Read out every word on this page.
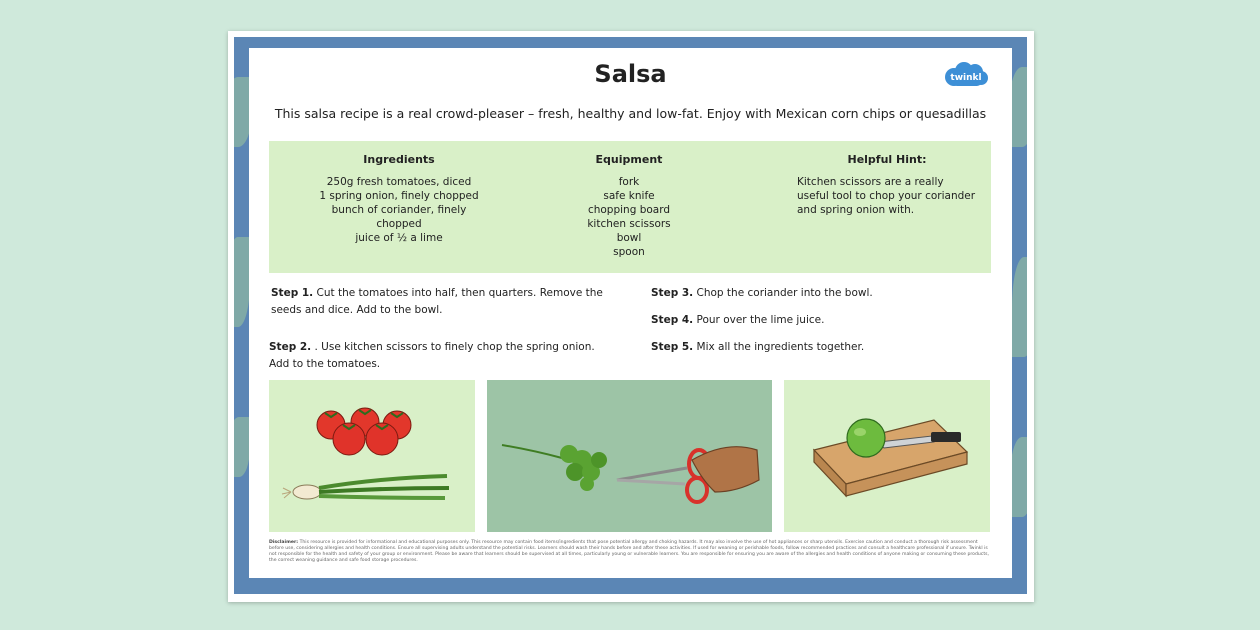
Salsa	twinkl
This salsa recipe is a real crowd-pleaser – fresh, healthy and low-fat. Enjoy with Mexican corn chips or quesadillas
Ingredients
250g fresh tomatoes, diced
1 spring onion, finely chopped
bunch of coriander, finely chopped
juice of ½ a lime
Equipment
fork
safe knife
chopping board
kitchen scissors
bowl
spoon
Helpful Hint:
Kitchen scissors are a really useful tool to chop your coriander and spring onion with.
Step 1. Cut the tomatoes into half, then quarters. Remove the seeds and dice. Add to the bowl.
Step 2. . Use kitchen scissors to finely chop the spring onion. Add to the tomatoes.
Step 3. Chop the coriander into the bowl.
Step 4. Pour over the lime juice.
Step 5. Mix all the ingredients together.
Disclaimer: This resource is provided for informational and educational purposes only. This resource may contain food items/ingredients that pose potential allergy and choking hazards. It may also involve the use of hot appliances or sharp utensils. Exercise caution and conduct a thorough risk assessment before use, considering allergies and health conditions. Ensure all supervising adults understand the potential risks. Learners should wash their hands before and after these activities. If used for weaning or perishable foods, follow recommended practices and consult a healthcare professional if unsure. Twinkl is not responsible for the health and safety of your group or environment. Please be aware that learners should be supervised at all times, particularly young or vulnerable learners. You are responsible for ensuring you are aware of the allergies and health conditions of anyone making or consuming these products, the correct weaning guidance and safe food storage procedures.
